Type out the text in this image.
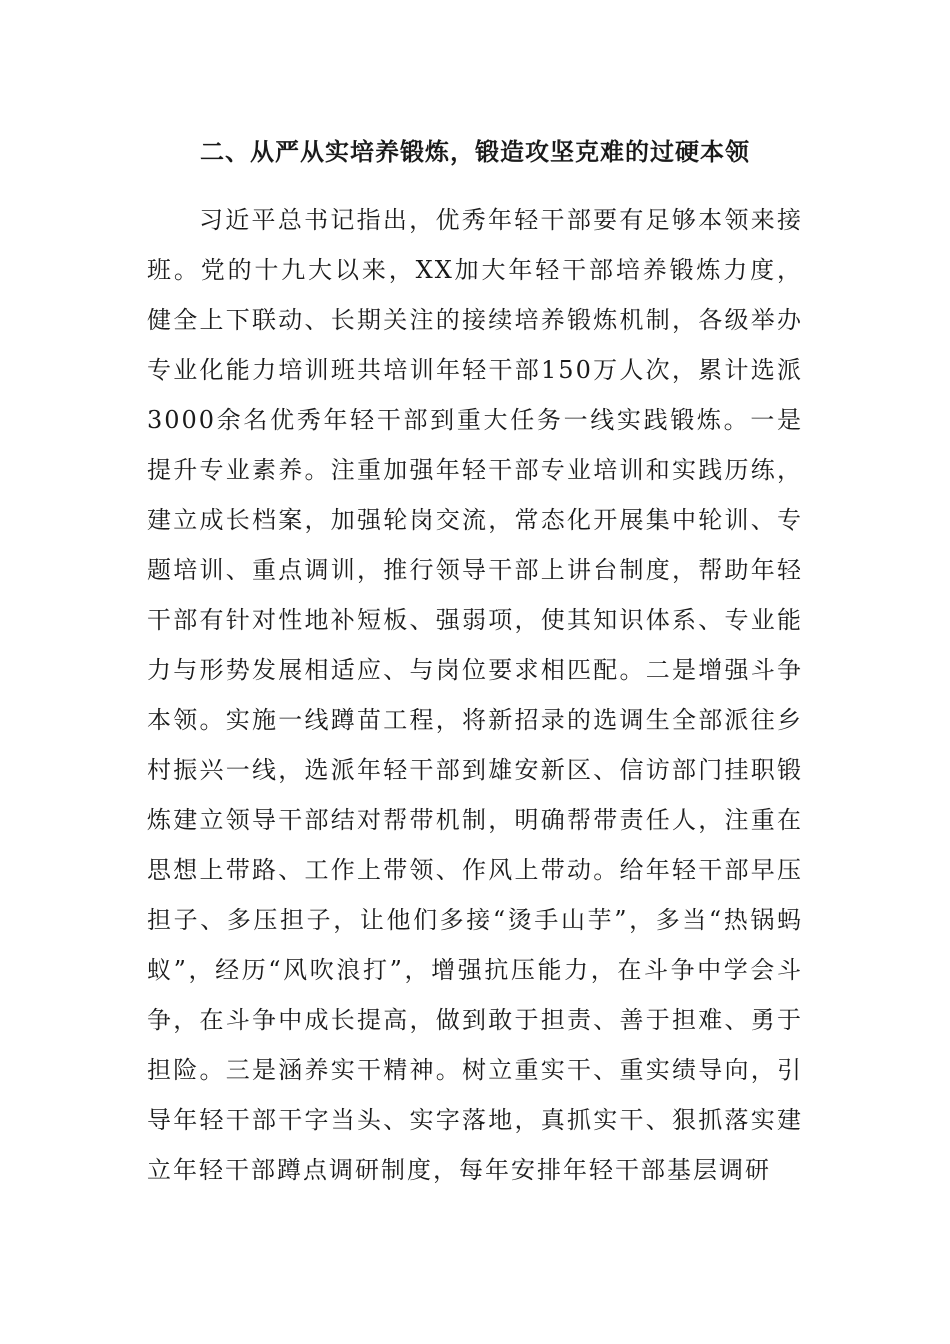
二、从严从实培养锻炼，锻造攻坚克难的过硬本领

习近平总书记指出，优秀年轻干部要有足够本领来接班。党的十九大以来，XX加大年轻干部培养锻炼力度，健全上下联动、长期关注的接续培养锻炼机制，各级举办专业化能力培训班共培训年轻干部150万人次，累计选派3000余名优秀年轻干部到重大任务一线实践锻炼。一是提升专业素养。注重加强年轻干部专业培训和实践历练，建立成长档案，加强轮岗交流，常态化开展集中轮训、专题培训、重点调训，推行领导干部上讲台制度，帮助年轻干部有针对性地补短板、强弱项，使其知识体系、专业能力与形势发展相适应、与岗位要求相匹配。二是增强斗争本领。实施一线蹲苗工程，将新招录的选调生全部派往乡村振兴一线，选派年轻干部到雄安新区、信访部门挂职锻炼建立领导干部结对帮带机制，明确帮带责任人，注重在思想上带路、工作上带领、作风上带动。给年轻干部早压担子、多压担子，让他们多接“烫手山芋”，多当“热锅蚂蚁”，经历“风吹浪打”，增强抗压能力，在斗争中学会斗争，在斗争中成长提高，做到敢于担责、善于担难、勇于担险。三是涵养实干精神。树立重实干、重实绩导向，引导年轻干部干字当头、实字落地，真抓实干、狠抓落实建立年轻干部蹲点调研制度，每年安排年轻干部基层调研
